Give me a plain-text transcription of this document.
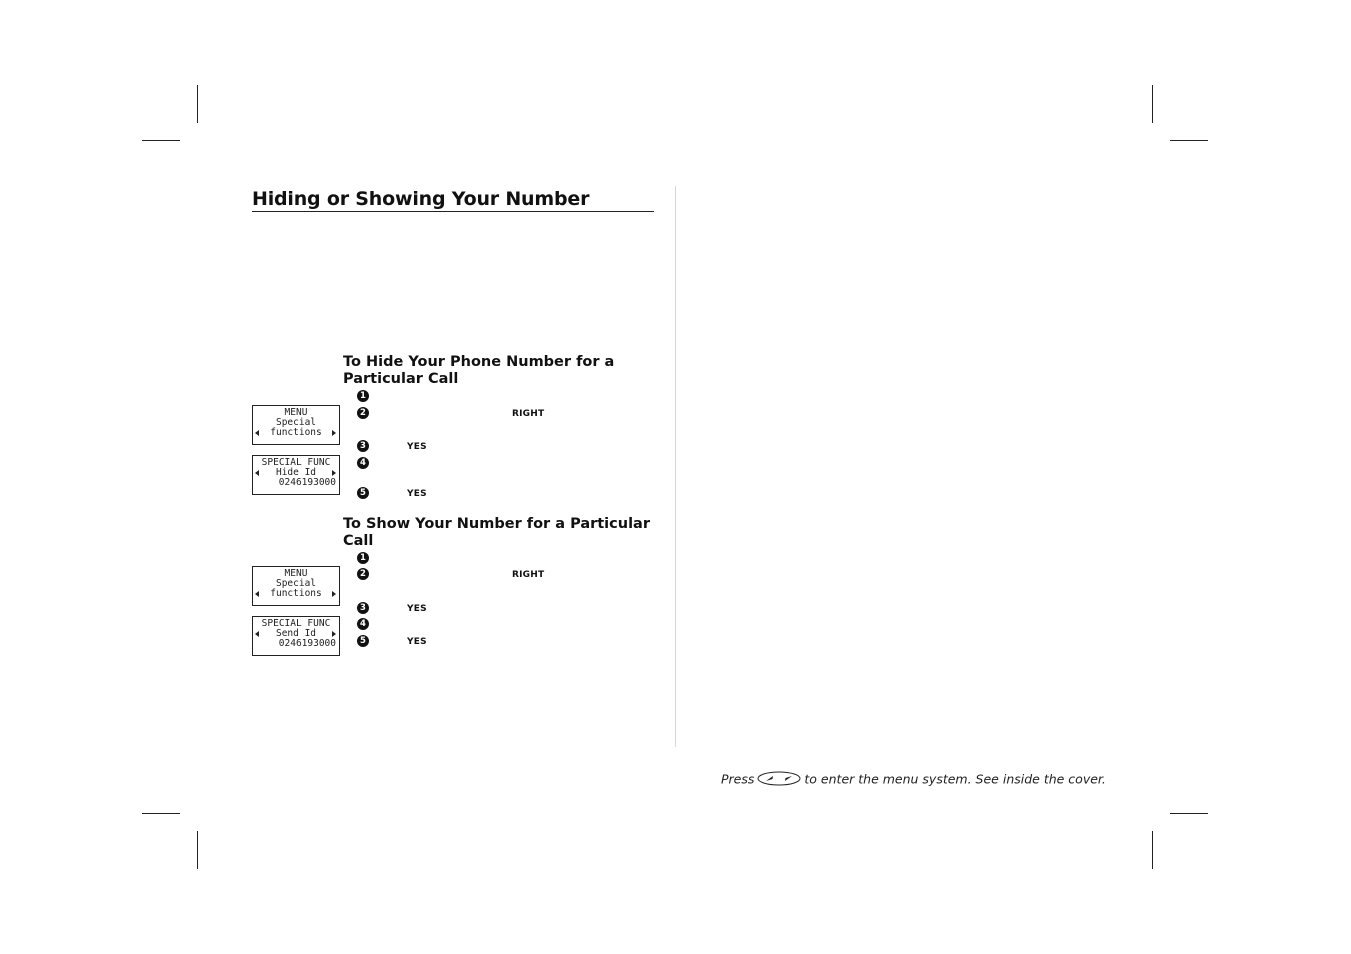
Hiding or Showing Your Number
To Hide Your Phone Number for a Particular Call
1
2	RIGHT
3	YES
4
5	YES
MENU
Special
functions
SPECIAL FUNC
Hide Id
0246193000
To Show Your Number for a Particular Call
1
2	RIGHT
3	YES
4
5	YES
MENU
Special
functions
SPECIAL FUNC
Send Id
0246193000
Press	to enter the menu system. See inside the cover.
